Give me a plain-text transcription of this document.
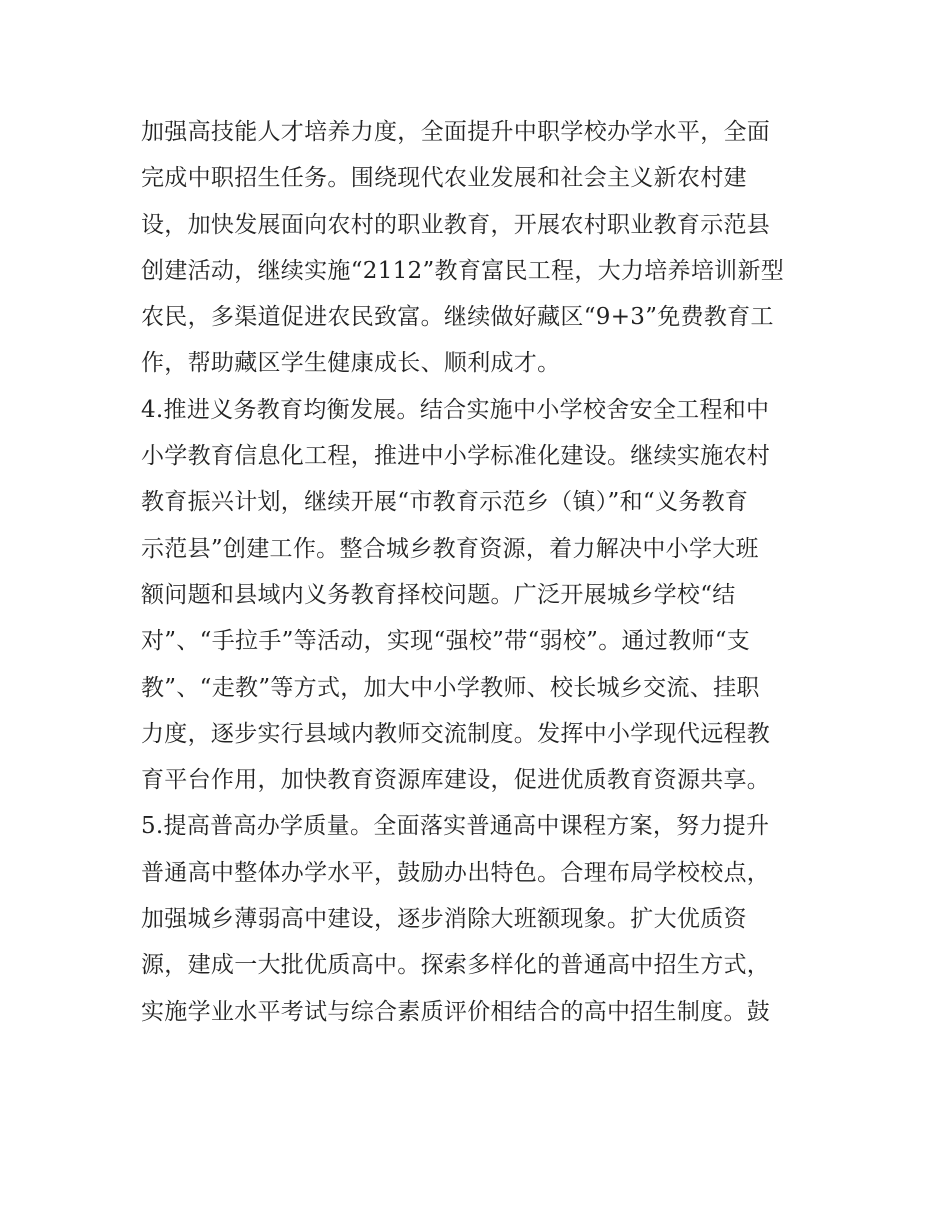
加强高技能人才培养力度，全面提升中职学校办学水平，全面
完成中职招生任务。围绕现代农业发展和社会主义新农村建
设，加快发展面向农村的职业教育，开展农村职业教育示范县
创建活动，继续实施“2112”教育富民工程，大力培养培训新型
农民，多渠道促进农民致富。继续做好藏区“9+3”免费教育工
作，帮助藏区学生健康成长、顺利成才。
4.推进义务教育均衡发展。结合实施中小学校舍安全工程和中
小学教育信息化工程，推进中小学标准化建设。继续实施农村
教育振兴计划，继续开展“市教育示范乡（镇）”和“义务教育
示范县”创建工作。整合城乡教育资源，着力解决中小学大班
额问题和县域内义务教育择校问题。广泛开展城乡学校“结
对”、“手拉手”等活动，实现“强校”带“弱校”。通过教师“支
教”、“走教”等方式，加大中小学教师、校长城乡交流、挂职
力度，逐步实行县域内教师交流制度。发挥中小学现代远程教
育平台作用，加快教育资源库建设，促进优质教育资源共享。
5.提高普高办学质量。全面落实普通高中课程方案，努力提升
普通高中整体办学水平，鼓励办出特色。合理布局学校校点，
加强城乡薄弱高中建设，逐步消除大班额现象。扩大优质资
源，建成一大批优质高中。探索多样化的普通高中招生方式，
实施学业水平考试与综合素质评价相结合的高中招生制度。鼓
